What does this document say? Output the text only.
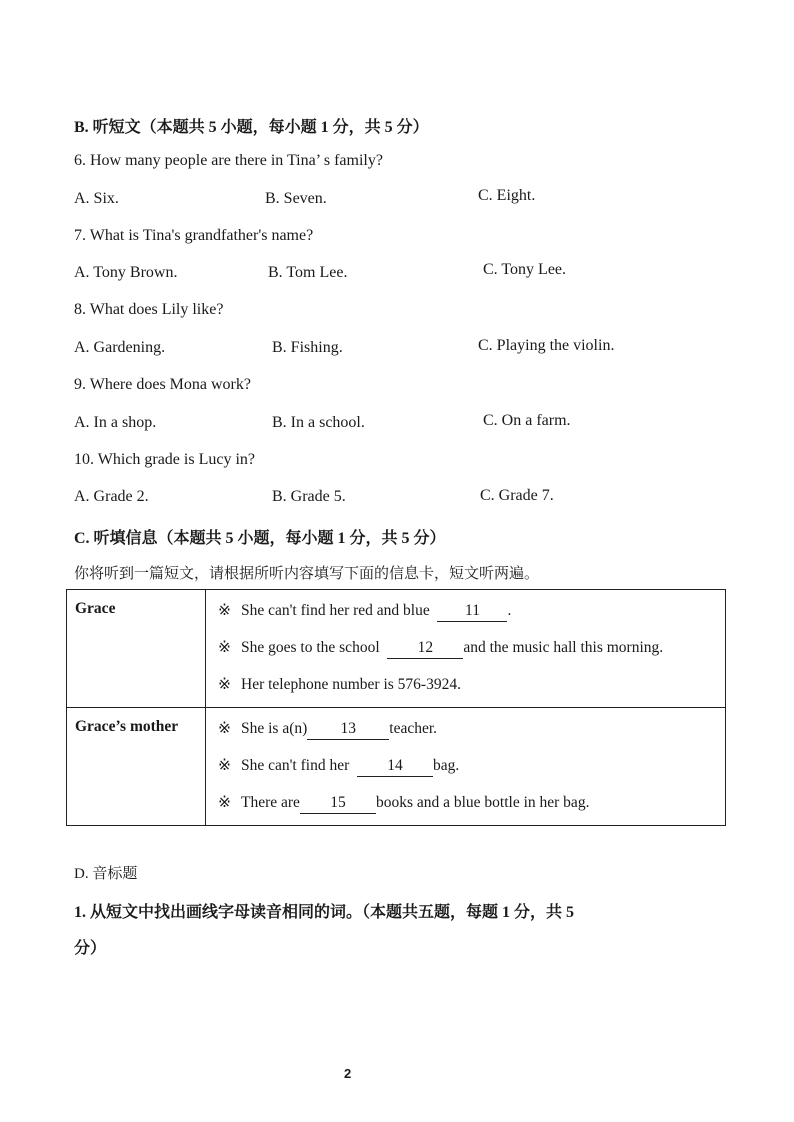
B. 听短文（本题共 5 小题，每小题 1 分，共 5 分）
6. How many people are there in Tina’ s family?
A. Six.	B. Seven.	C. Eight.
7. What is Tina's grandfather's name?
A. Tony Brown.	B. Tom Lee.	C. Tony Lee.
8. What does Lily like?
A. Gardening.	B. Fishing.	C. Playing the violin.
9. Where does Mona work?
A. In a shop.	B. In a school.	C. On a farm.
10. Which grade is Lucy in?
A. Grade 2.	B. Grade 5.	C. Grade 7.
C. 听填信息（本题共 5 小题，每小题 1 分，共 5 分）
你将听到一篇短文，请根据所听内容填写下面的信息卡，短文听两遍。
Grace	※ She can't find her red and blue 11 .
※ She goes to the school 12 and the music hall this morning.
※ Her telephone number is 576-3924.

Grace’s mother	※ She is a(n) 13 teacher.
※ She can't find her 14 bag.
※ There are 15 books and a blue bottle in her bag.
D. 音标题
1. 从短文中找出画线字母读音相同的词。（本题共五题，每题 1 分，共 5
分）
2
